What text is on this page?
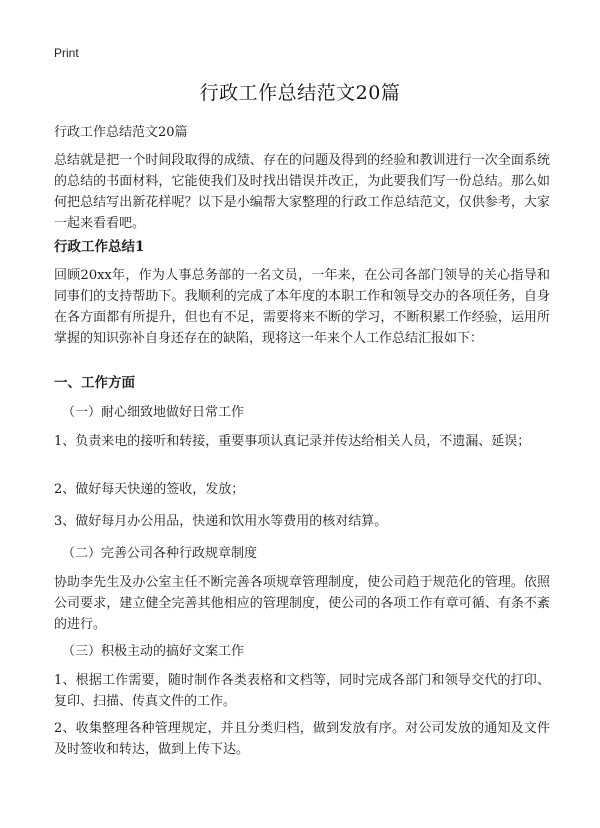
Print
行政工作总结范文20篇
行政工作总结范文20篇
总结就是把一个时间段取得的成绩、存在的问题及得到的经验和教训进行一次全面系统的总结的书面材料，它能使我们及时找出错误并改正，为此要我们写一份总结。那么如何把总结写出新花样呢？以下是小编帮大家整理的行政工作总结范文，仅供参考，大家一起来看看吧。
行政工作总结1
回顾20xx年，作为人事总务部的一名文员，一年来，在公司各部门领导的关心指导和同事们的支持帮助下。我顺利的完成了本年度的本职工作和领导交办的各项任务，自身在各方面都有所提升，但也有不足，需要将来不断的学习，不断积累工作经验，运用所掌握的知识弥补自身还存在的缺陷，现将这一年来个人工作总结汇报如下：
一、工作方面
（一）耐心细致地做好日常工作
1、负责来电的接听和转接，重要事项认真记录并传达给相关人员，不遗漏、延误；
2、做好每天快递的签收，发放；
3、做好每月办公用品，快递和饮用水等费用的核对结算。
（二）完善公司各种行政规章制度
协助李先生及办公室主任不断完善各项规章管理制度，使公司趋于规范化的管理。依照公司要求，建立健全完善其他相应的管理制度，使公司的各项工作有章可循、有条不紊的进行。
（三）积极主动的搞好文案工作
1、根据工作需要，随时制作各类表格和文档等，同时完成各部门和领导交代的打印、复印、扫描、传真文件的工作。
2、收集整理各种管理规定，并且分类归档，做到发放有序。对公司发放的通知及文件及时签收和转达，做到上传下达。
